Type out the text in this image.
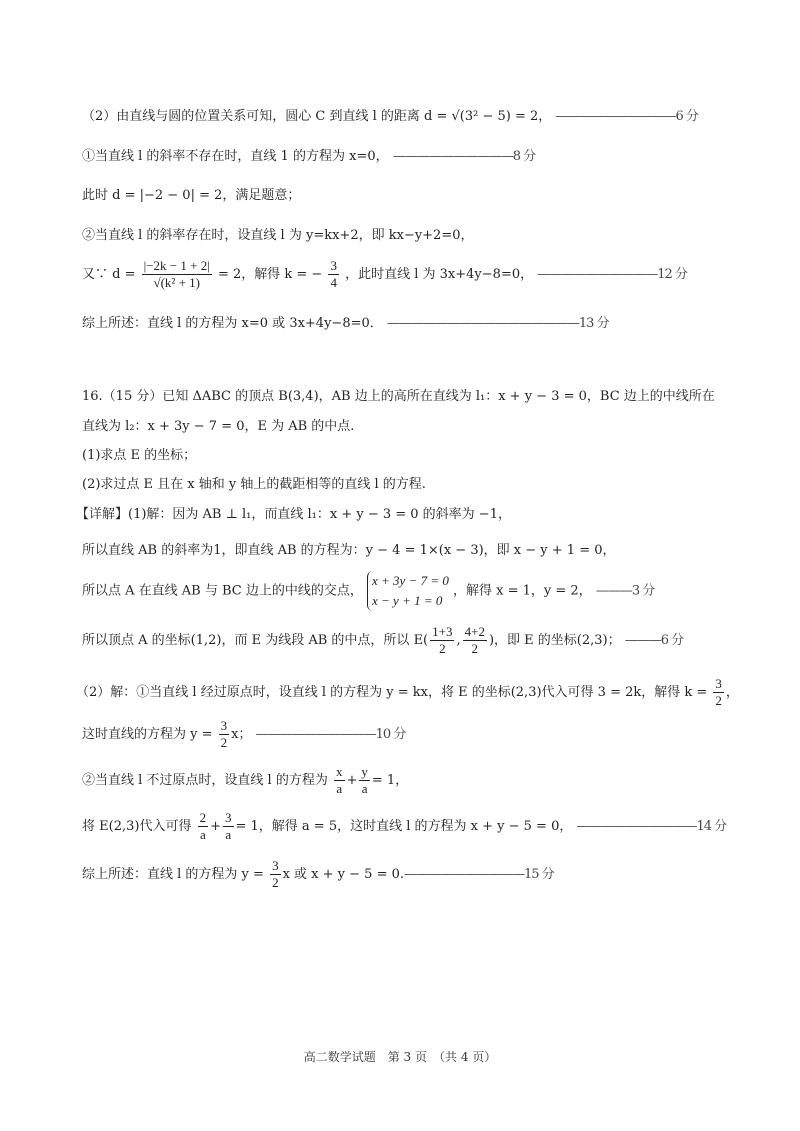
（2）由直线与圆的位置关系可知，圆心 C 到直线 l 的距离 d = √(3² − 5) = 2， ——————————6 分
①当直线 l 的斜率不存在时，直线 1 的方程为 x=0， ——————————8 分
此时 d = |−2 − 0| = 2，满足题意；
②当直线 l 的斜率存在时，设直线 l 为 y=kx+2，即 kx−y+2=0，
又∵ $d = \frac{|-2k - 1 + 2|}{\text{√(k² + 1)}} = 2$，解得 k = − $\frac{3}{4}$ ，此时直线 l 为 3x+4y−8=0， ——————————12 分
综上所述：直线 l 的方程为 x=0 或 3x+4y−8=0． ————————————————13 分
16.（15 分）已知 ΔABC 的顶点 B(3,4)，AB 边上的高所在直线为 l₁：x + y − 3 = 0，BC 边上的中线所在
直线为 l₂：x + 3y − 7 = 0，E 为 AB 的中点.
(1)求点 E 的坐标；
(2)求过点 E 且在 x 轴和 y 轴上的截距相等的直线 l 的方程.
【详解】(1)解：因为 AB ⊥ l₁，而直线 l₁：x + y − 3 = 0 的斜率为 −1，
所以直线 AB 的斜率为1，即直线 AB 的方程为：y − 4 = 1×(x − 3)，即 x − y + 1 = 0，
所以点 A 在直线 AB 与 BC 边上的中线的交点，
x + 3y − 7 = 0
x − y + 1 = 0
，解得 x = 1，y = 2， ———3 分
所以顶点 A 的坐标(1,2)，而 E 为线段 AB 的中点，所以 $E( \frac{1+3}{2}$ , $\frac{4+2}{2}$ )，即 E 的坐标(2,3)； ———6 分
（2）解：①当直线 l 经过原点时，设直线 l 的方程为 y = kx，将 E 的坐标(2,3)代入可得 3 = 2k，解得 $k = \frac{3}{2}$ ，
这时直线的方程为 $y = \frac{3}{2}$ x； ——————————10 分
②当直线 l 不过原点时，设直线 l 的方程为 $\frac{x}{a} + \frac{y}{a} = 1$，
将 E(2,3)代入可得 $\frac{2}{a} + \frac{3}{a} = 1$，解得 a = 5，这时直线 l 的方程为 x + y − 5 = 0， ——————————14 分
综上所述：直线 l 的方程为 $y = \frac{3}{2}$ x 或 x + y − 5 = 0.——————————15 分
高二数学试题　第 3 页　（共 4 页）
